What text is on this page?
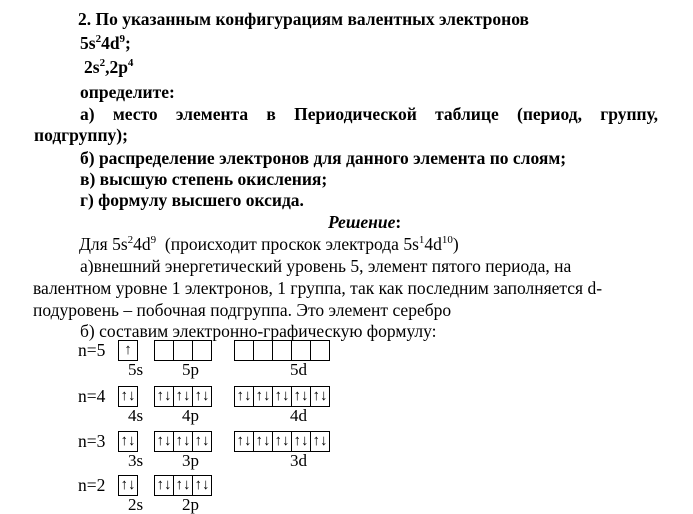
2. По указанным конфигурациям валентных электронов
$5s^24d^9$;
$2s^2,2p^4$
определите:
а) место элемента в Периодической таблице (период, группу,
подгруппу);
б) распределение электронов для данного элемента по слоям;
в) высшую степень окисления;
г) формулу высшего оксида.
Решение:
Для $5s^24d^9$  (происходит проскок электрода $5s^14d^{10}$)
а)внешний энергетический уровень 5, элемент пятого периода, на
валентном уровне 1 электронов, 1 группа, так как последним заполняется d-
подуровень – побочная подгруппа. Это элемент серебро
б) составим электронно-графическую формулу:
n=5	↑
5s 5p	5d
n=4 ↑↓
4s
↑↓ ↑↓ ↑↓
4p
↑↓ ↑↓ ↑↓ ↑↓ ↑↓
4d
n=3 ↑↓
3s
↑↓ ↑↓ ↑↓
3p
↑↓ ↑↓ ↑↓ ↑↓ ↑↓
3d
n=2 ↑↓
2s
↑↓ ↑↓ ↑↓
2p
